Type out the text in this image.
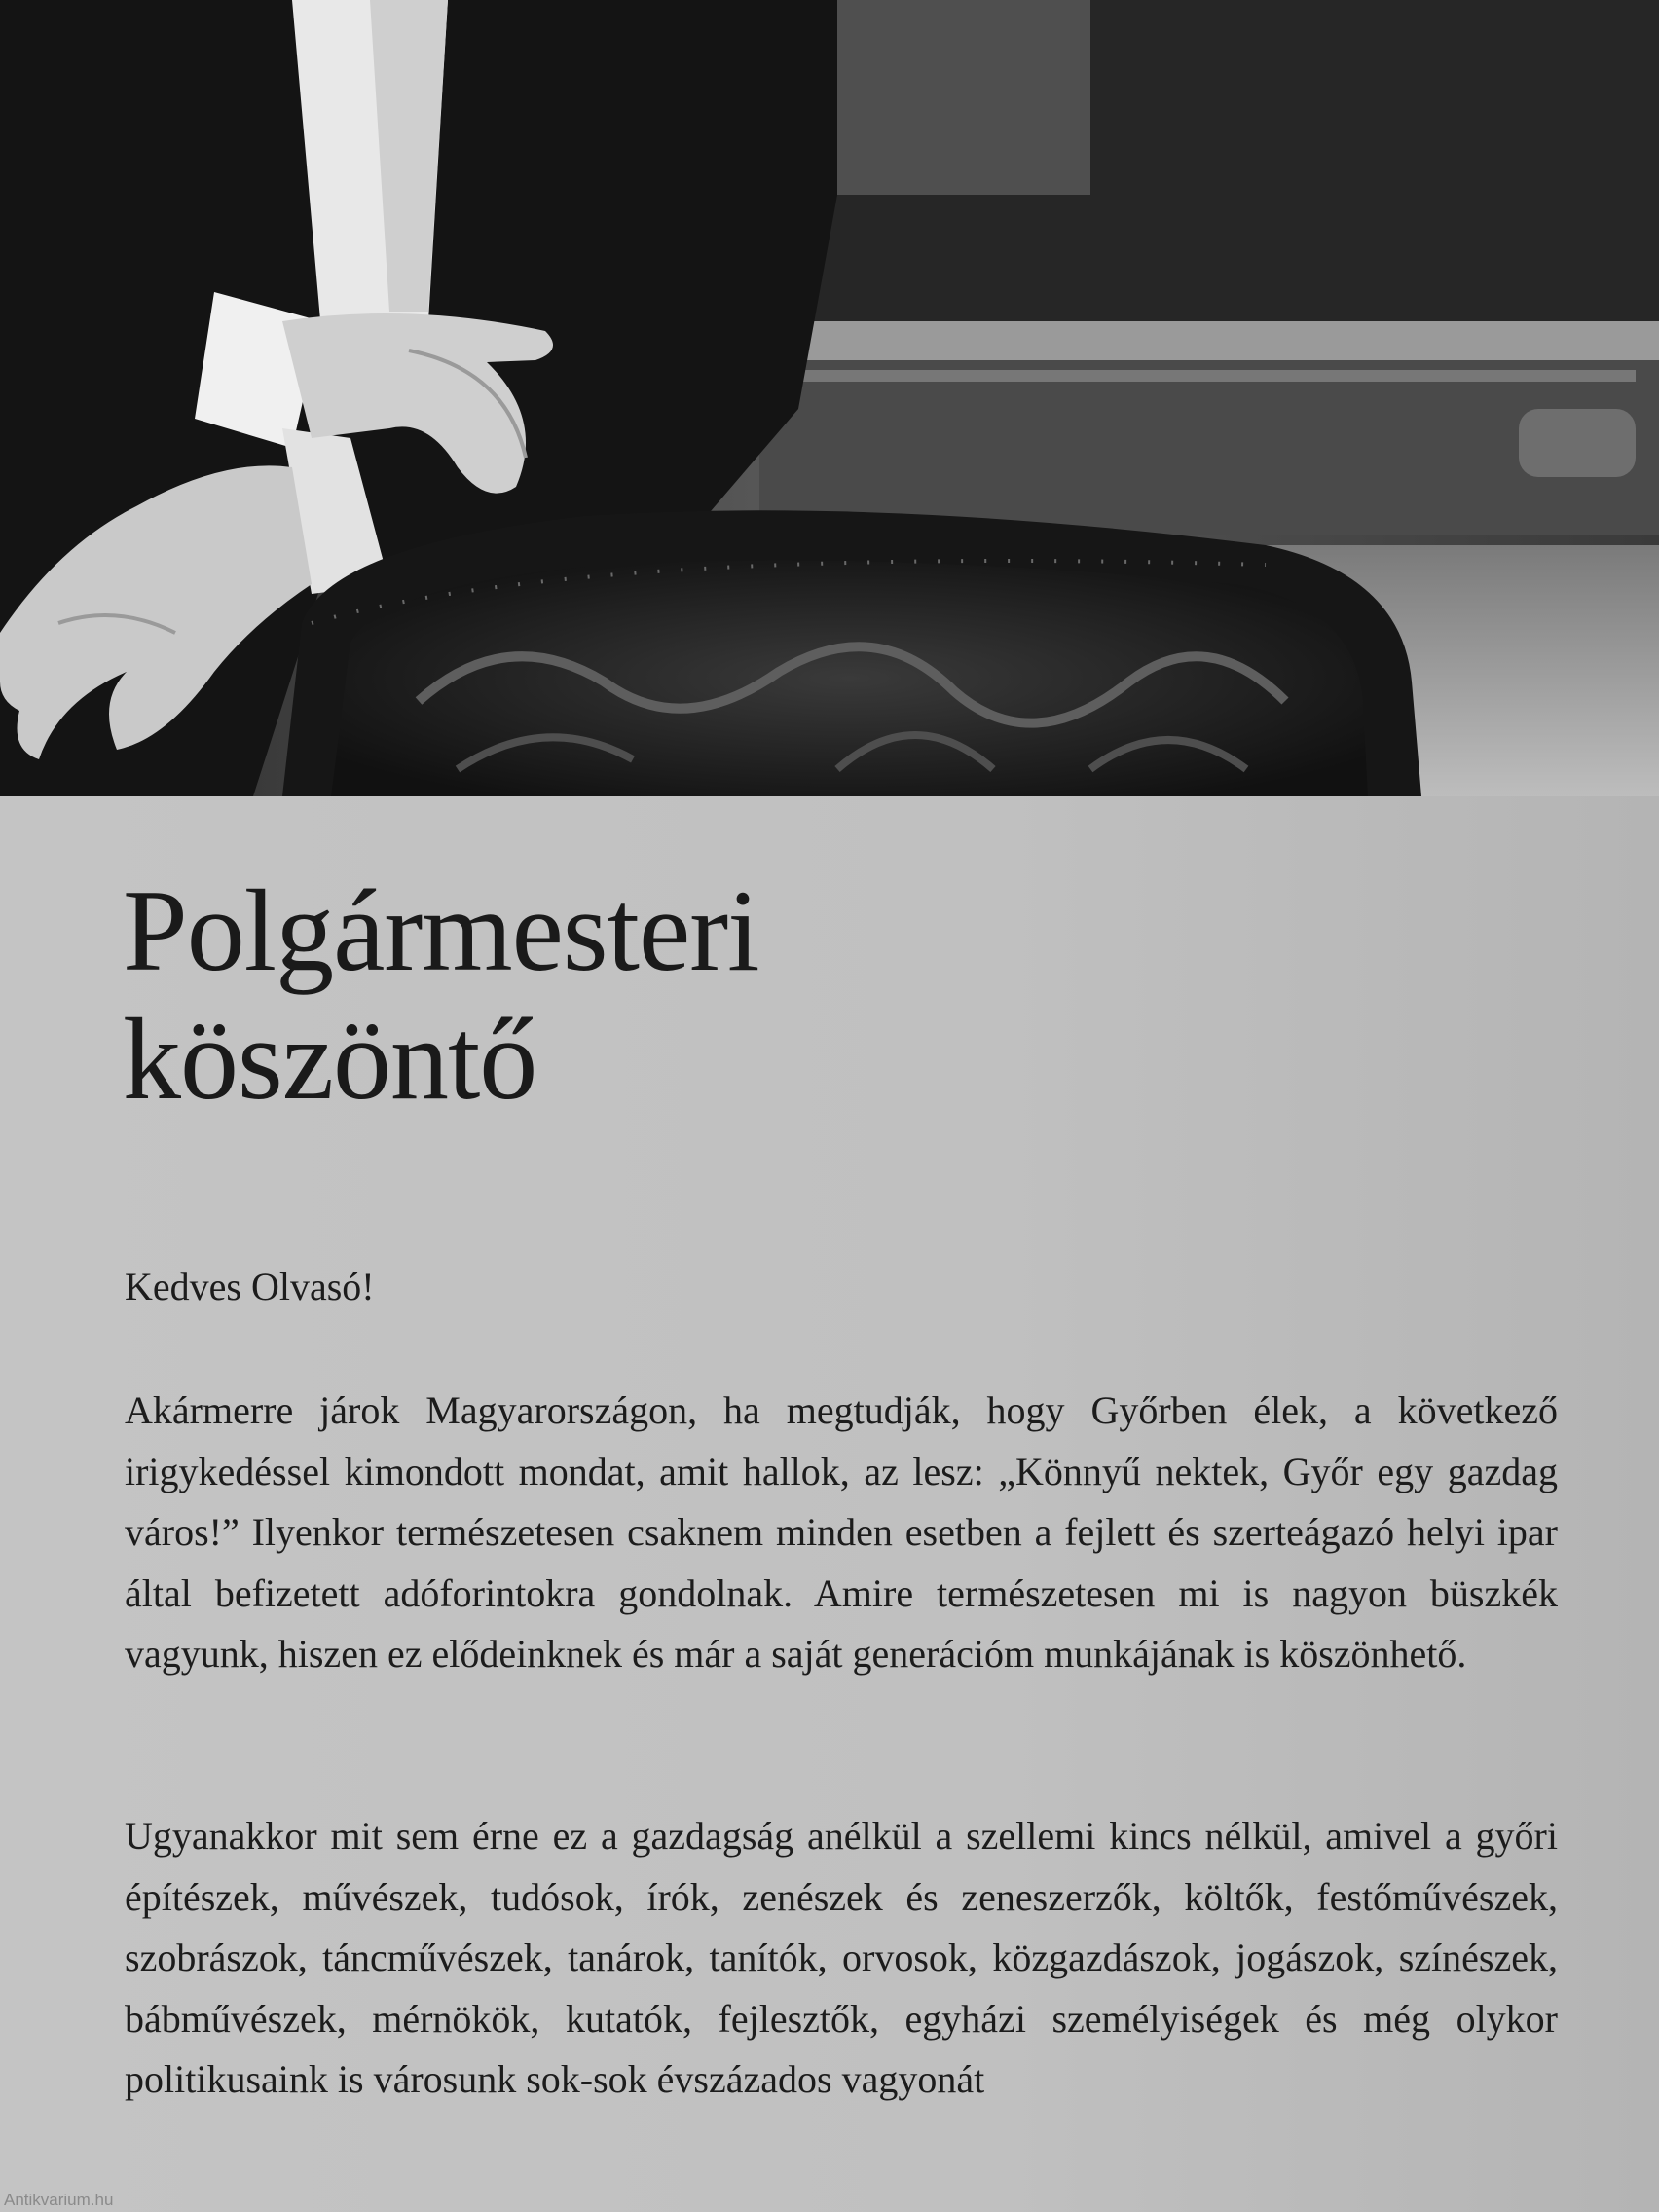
Polgármesteri
köszöntő

Kedves Olvasó!

Akármerre járok Magyarországon, ha megtudják, hogy Győrben élek, a következő irigykedéssel kimondott mondat, amit hallok, az lesz: „Könnyű nektek, Győr egy gazdag város!” Ilyenkor természetesen csaknem minden esetben a fejlett és szerteágazó helyi ipar által befizetett adóforintokra gondolnak. Amire természetesen mi is nagyon büszkék vagyunk, hiszen ez elődeinknek és már a saját generációm munkájának is köszönhető.

Ugyanakkor mit sem érne ez a gazdagság anélkül a szellemi kincs nélkül, amivel a győri építészek, művészek, tudósok, írók, zenészek és zeneszerzők, költők, festőművészek, szobrászok, táncművészek, tanárok, tanítók, orvosok, közgazdászok, jogászok, színészek, bábművészek, mérnökök, kutatók, fejlesztők, egyházi személyiségek és még olykor politikusaink is városunk sok-sok évszázados vagyonát

Antikvarium.hu
